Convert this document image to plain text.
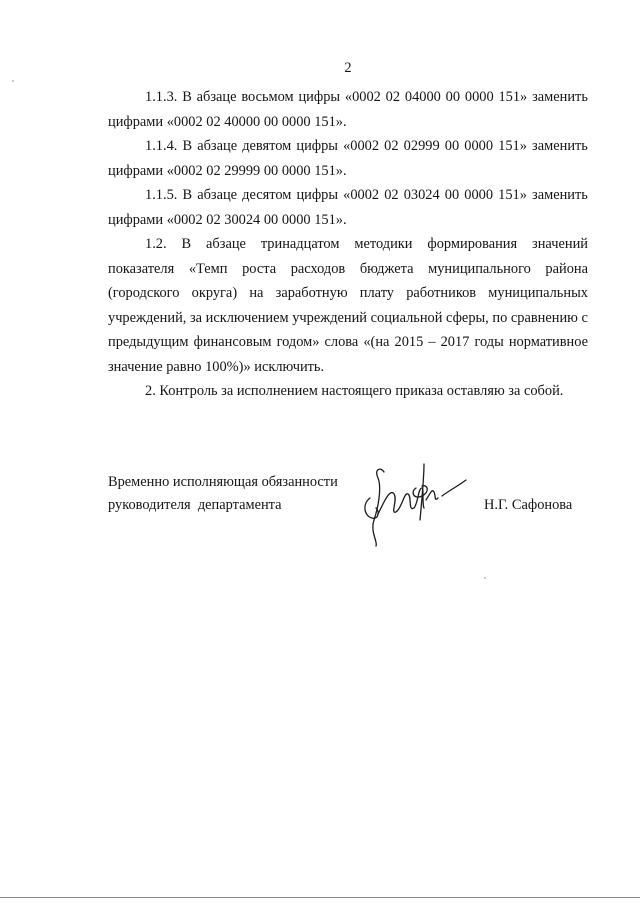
2
1.1.3. В абзаце восьмом цифры «0002 02 04000 00 0000 151» заменить
цифрами «0002 02 40000 00 0000 151».
1.1.4. В абзаце девятом цифры «0002 02 02999 00 0000 151» заменить
цифрами «0002 02 29999 00 0000 151».
1.1.5. В абзаце десятом цифры «0002 02 03024 00 0000 151» заменить
цифрами «0002 02 30024 00 0000 151».
1.2. В абзаце тринадцатом методики формирования значений
показателя «Темп роста расходов бюджета муниципального района
(городского округа) на заработную плату работников муниципальных
учреждений, за исключением учреждений социальной сферы, по сравнению с
предыдущим финансовым годом» слова «(на 2015 – 2017 годы нормативное
значение равно 100%)» исключить.
2. Контроль за исполнением настоящего приказа оставляю за собой.
Временно исполняющая обязанности
руководителя  департамента	Н.Г. Сафонова
